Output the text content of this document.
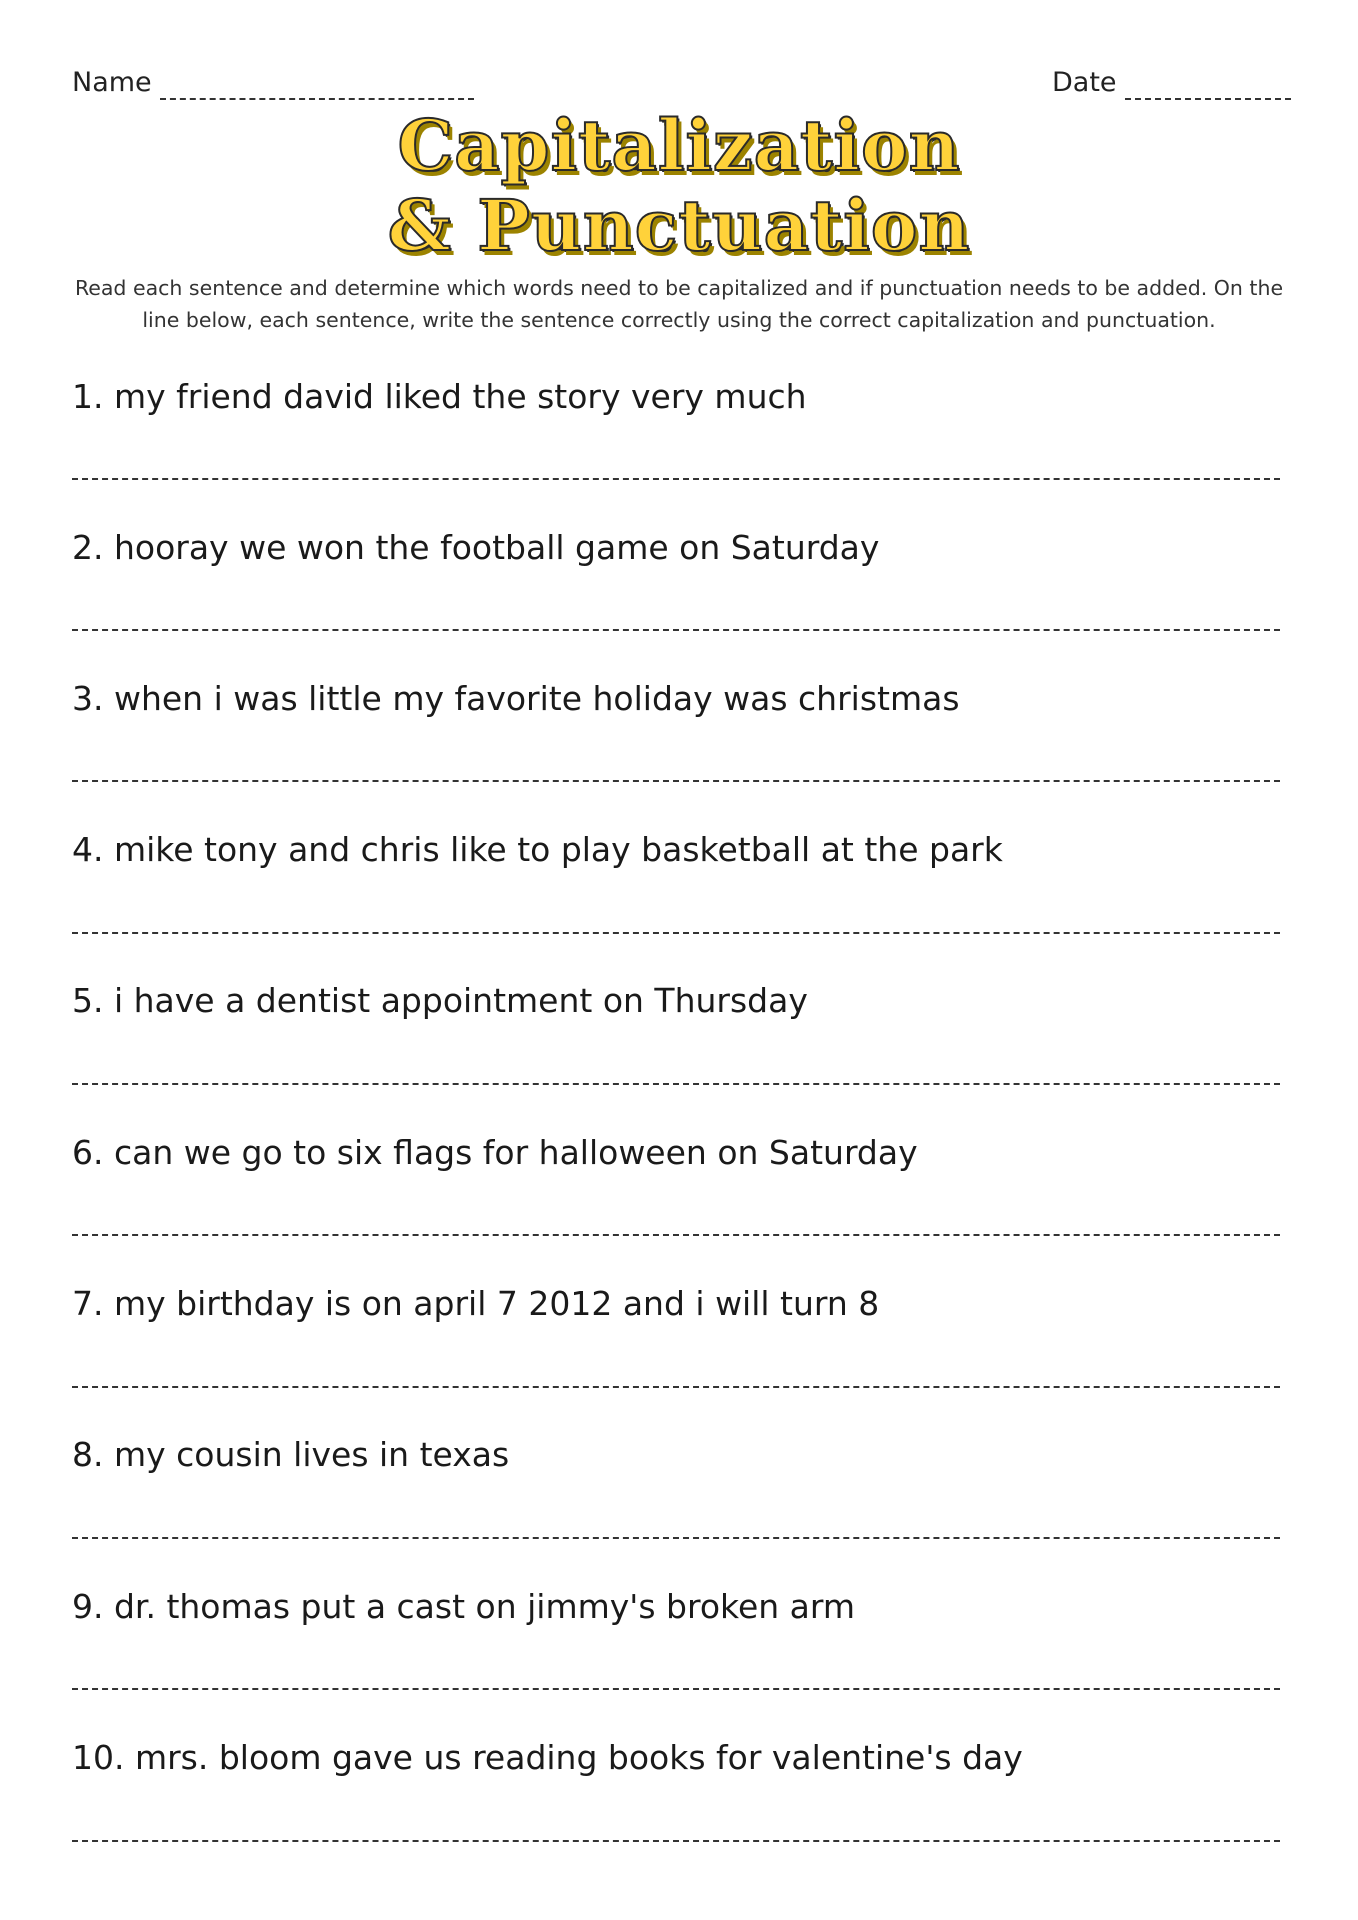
Name	Date
Capitalization
& Punctuation
Read each sentence and determine which words need to be capitalized and if punctuation needs to be added. On the line below, each sentence, write the sentence correctly using the correct capitalization and punctuation.
1. my friend david liked the story very much
2. hooray we won the football game on Saturday
3. when i was little my favorite holiday was christmas
4. mike tony and chris like to play basketball at the park
5. i have a dentist appointment on Thursday
6. can we go to six flags for halloween on Saturday
7. my birthday is on april 7 2012 and i will turn 8
8. my cousin lives in texas
9. dr. thomas put a cast on jimmy's broken arm
10. mrs. bloom gave us reading books for valentine's day
